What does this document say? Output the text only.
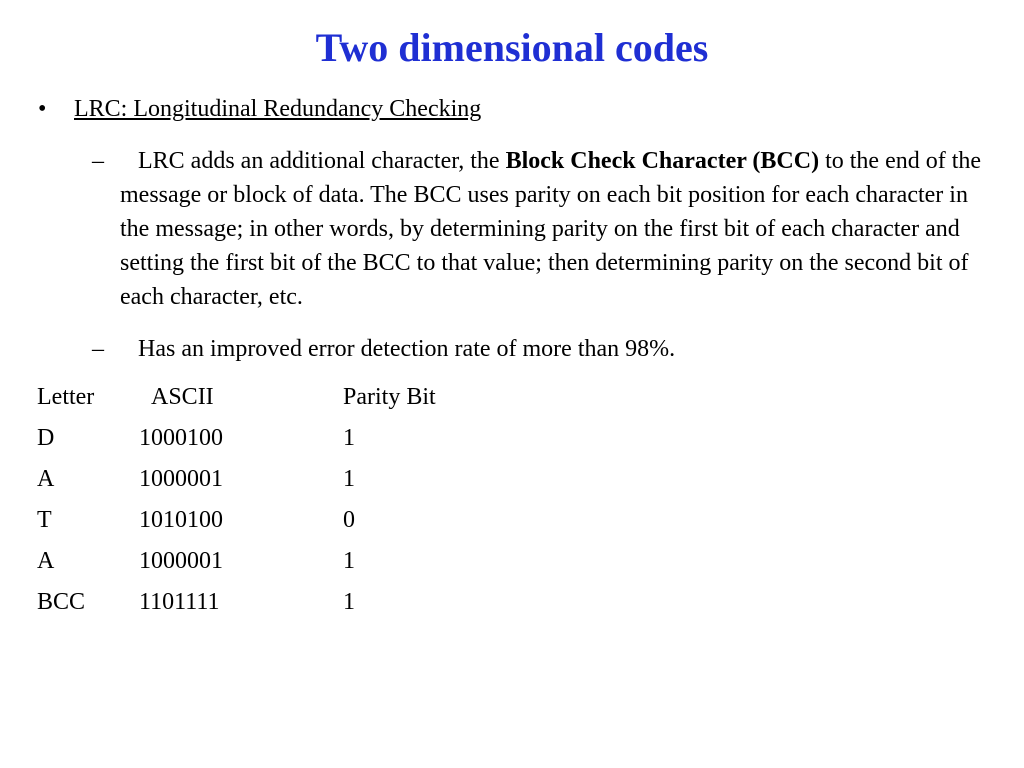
Two dimensional codes
• LRC: Longitudinal Redundancy Checking
–	LRC adds an additional character, the Block Check Character (BCC) to the end of the message or block of data. The BCC uses parity on each bit position for each character in the message; in other words, by determining parity on the first bit of each character and setting the first bit of the BCC to that value; then determining parity on the second bit of each character, etc.
–	Has an improved error detection rate of more than 98%.
Letter ASCII	Parity Bit
D	1000100	1
A	1000001	1
T	1010100	0
A	1000001	1
BCC 1101111	1
